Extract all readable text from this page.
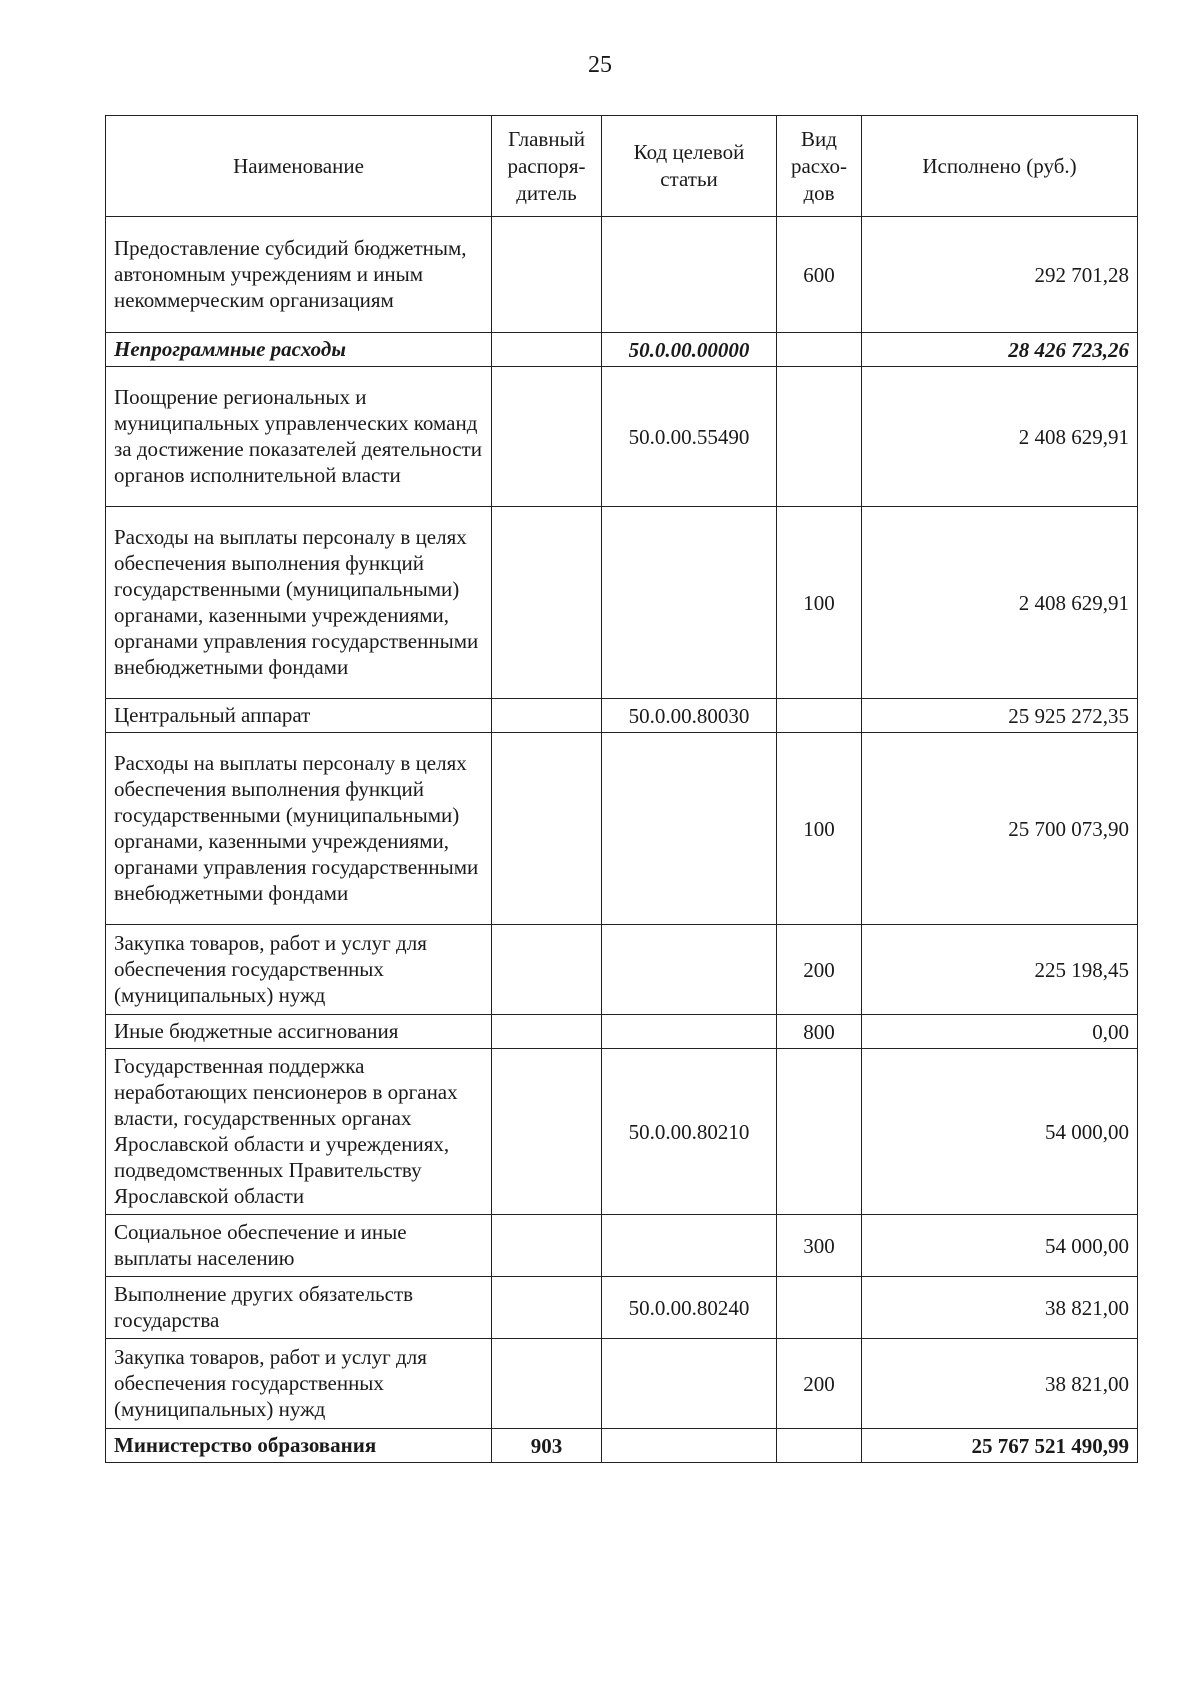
25
Наименование	Главный распоря-дитель	Код целевой статьи	Вид расхо-дов	Исполнено (руб.)
Предоставление субсидий бюджетным, автономным учреждениям и иным некоммерческим организациям			600	292 701,28
Непрограммные расходы		50.0.00.00000		28 426 723,26
Поощрение региональных и муниципальных управленческих команд за достижение показателей деятельности органов исполнительной власти		50.0.00.55490		2 408 629,91
Расходы на выплаты персоналу в целях обеспечения выполнения функций государственными (муниципальными) органами, казенными учреждениями, органами управления государственными внебюджетными фондами			100	2 408 629,91
Центральный аппарат		50.0.00.80030		25 925 272,35
Расходы на выплаты персоналу в целях обеспечения выполнения функций государственными (муниципальными) органами, казенными учреждениями, органами управления государственными внебюджетными фондами			100	25 700 073,90
Закупка товаров, работ и услуг для обеспечения государственных (муниципальных) нужд			200	225 198,45
Иные бюджетные ассигнования			800	0,00
Государственная поддержка неработающих пенсионеров в органах власти, государственных органах Ярославской области и учреждениях, подведомственных Правительству Ярославской области		50.0.00.80210		54 000,00
Социальное обеспечение и иные выплаты населению			300	54 000,00
Выполнение других обязательств государства		50.0.00.80240		38 821,00
Закупка товаров, работ и услуг для обеспечения государственных (муниципальных) нужд			200	38 821,00
Министерство образования	903			25 767 521 490,99
